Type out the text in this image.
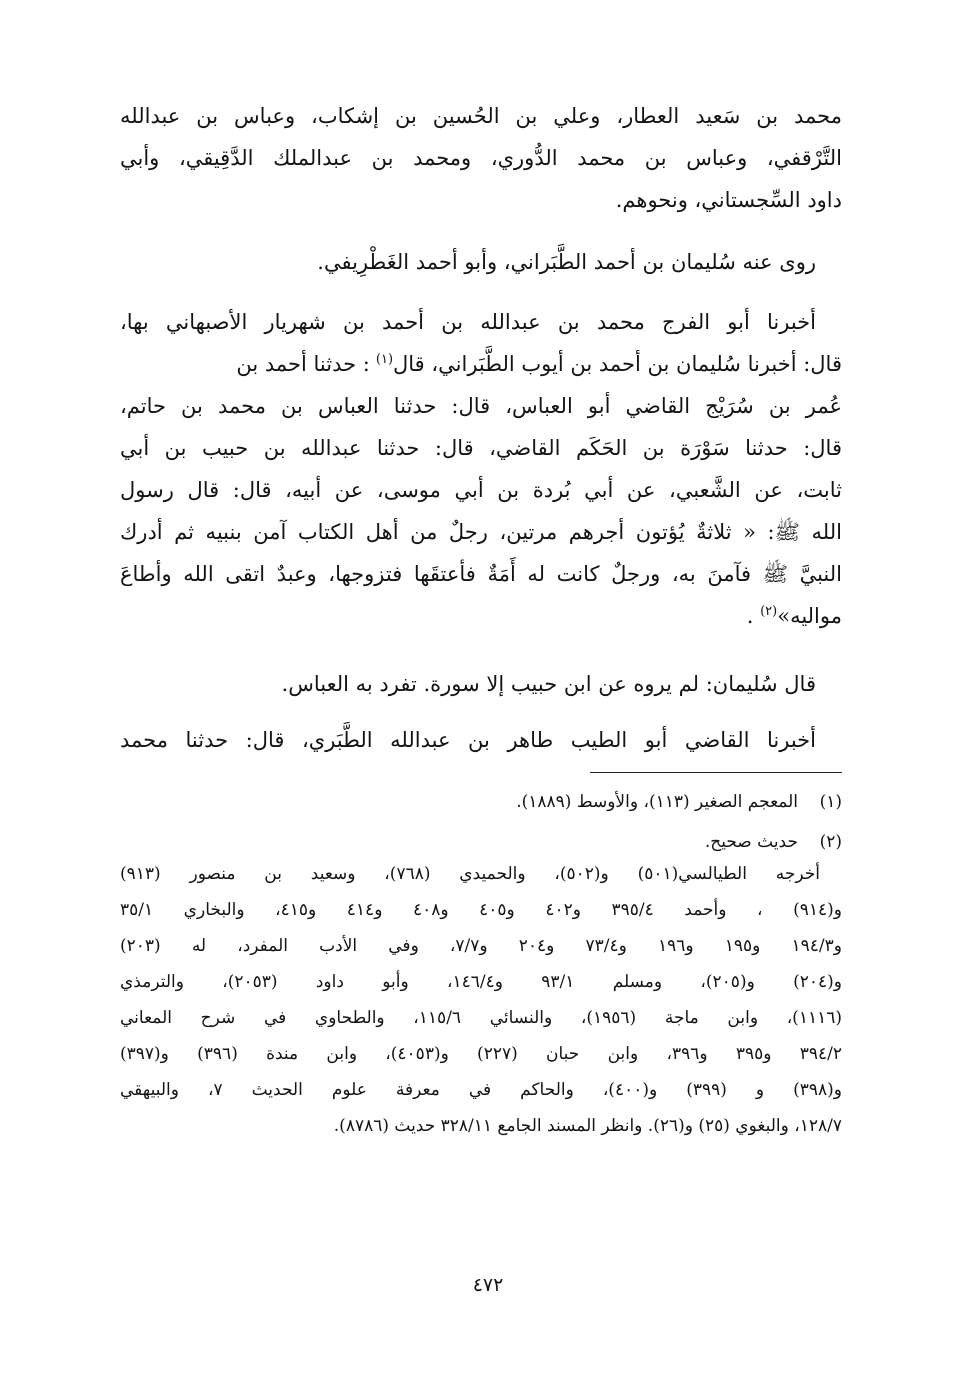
محمد بن سَعيد العطار، وعلي بن الحُسين بن إشكاب، وعباس بن عبدالله
التَّرْقفي، وعباس بن محمد الدُّوري، ومحمد بن عبدالملك الدَّقِيقي، وأبي
داود السِّجستاني، ونحوهم.
روى عنه سُليمان بن أحمد الطَّبَراني، وأبو أحمد الغَطْرِيفي.
أخبرنا أبو الفرج محمد بن عبدالله بن أحمد بن شهريار الأصبهاني بها،
قال: أخبرنا سُليمان بن أحمد بن أيوب الطَّبَراني، قال$^{(١)}$: حدثنا أحمد بن
عُمر بن سُرَيْج القاضي أبو العباس، قال: حدثنا العباس بن محمد بن حاتم،
قال: حدثنا سَوْرَة بن الحَكَم القاضي، قال: حدثنا عبدالله بن حبيب بن أبي
ثابت، عن الشَّعبي، عن أبي بُردة بن أبي موسى، عن أبيه، قال: قال رسول
الله ﷺ: « ثلاثةٌ يُؤتون أجرهم مرتين، رجلٌ من أهل الكتاب آمن بنبيه ثم أدرك
النبيَّ ﷺ فآمنَ به، ورجلٌ كانت له أَمَةٌ فأعتقَها فتزوجها، وعبدٌ اتقى الله وأطاعَ
مواليه»$^{(٢)}$ .
قال سُليمان: لم يروه عن ابن حبيب إلا سورة. تفرد به العباس.
أخبرنا القاضي أبو الطيب طاهر بن عبدالله الطَّبَري، قال: حدثنا محمد
(١)
المعجم الصغير (١١٣)، والأوسط (١٨٨٩).
(٢)
حديث صحيح.
أخرجه الطيالسي(٥٠١) و(٥٠٢)، والحميدي (٧٦٨)، وسعيد بن منصور (٩١٣)
و(٩١٤) ، وأحمد ٣٩٥/٤ و٤٠٢ و٤٠٥ و٤٠٨ و٤١٤ و٤١٥، والبخاري ٣٥/١
و١٩٤/٣ و١٩٥ و١٩٦ و٧٣/٤ و٢٠٤ و٧/٧، وفي الأدب المفرد، له (٢٠٣)
و(٢٠٤) و(٢٠٥)، ومسلم ٩٣/١ و١٤٦/٤، وأبو داود (٢٠٥٣)، والترمذي
(١١١٦)، وابن ماجة (١٩٥٦)، والنسائي ١١٥/٦، والطحاوي في شرح المعاني
٣٩٤/٢ و٣٩٥ و٣٩٦، وابن حبان (٢٢٧) و(٤٠٥٣)، وابن مندة (٣٩٦) و(٣٩٧)
و(٣٩٨) و (٣٩٩) و(٤٠٠)، والحاكم في معرفة علوم الحديث ٧، والبيهقي
١٢٨/٧، والبغوي (٢٥) و(٢٦). وانظر المسند الجامع ٣٢٨/١١ حديث (٨٧٨٦).
٤٧٢
